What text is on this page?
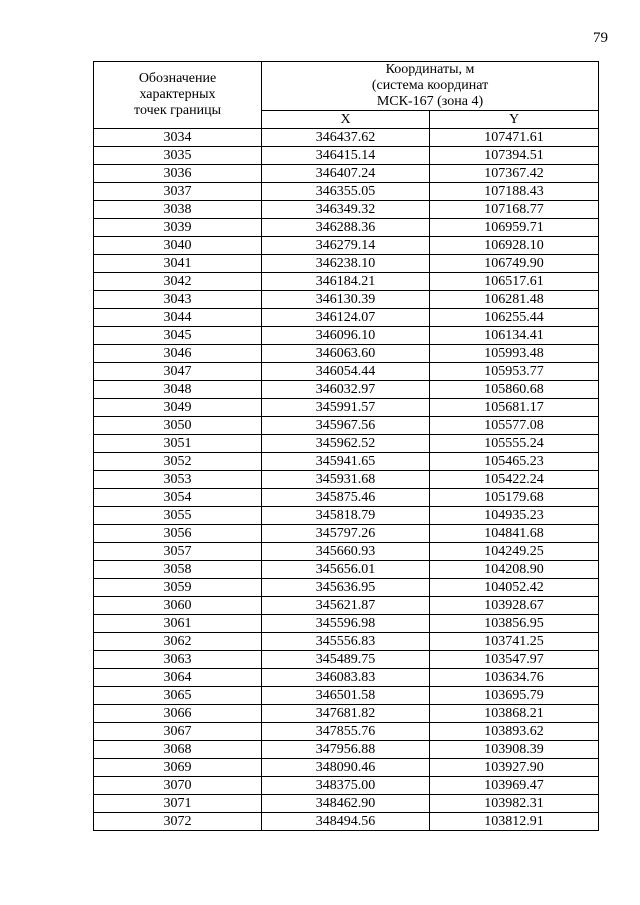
79
Обозначение
характерных
точек границы	Координаты, м
(система координат
МСК-167 (зона 4)	

	X	Y
3034	346437.62	107471.61
3035	346415.14	107394.51
3036	346407.24	107367.42
3037	346355.05	107188.43
3038	346349.32	107168.77
3039	346288.36	106959.71
3040	346279.14	106928.10
3041	346238.10	106749.90
3042	346184.21	106517.61
3043	346130.39	106281.48
3044	346124.07	106255.44
3045	346096.10	106134.41
3046	346063.60	105993.48
3047	346054.44	105953.77
3048	346032.97	105860.68
3049	345991.57	105681.17
3050	345967.56	105577.08
3051	345962.52	105555.24
3052	345941.65	105465.23
3053	345931.68	105422.24
3054	345875.46	105179.68
3055	345818.79	104935.23
3056	345797.26	104841.68
3057	345660.93	104249.25
3058	345656.01	104208.90
3059	345636.95	104052.42
3060	345621.87	103928.67
3061	345596.98	103856.95
3062	345556.83	103741.25
3063	345489.75	103547.97
3064	346083.83	103634.76
3065	346501.58	103695.79
3066	347681.82	103868.21
3067	347855.76	103893.62
3068	347956.88	103908.39
3069	348090.46	103927.90
3070	348375.00	103969.47
3071	348462.90	103982.31
3072	348494.56	103812.91
